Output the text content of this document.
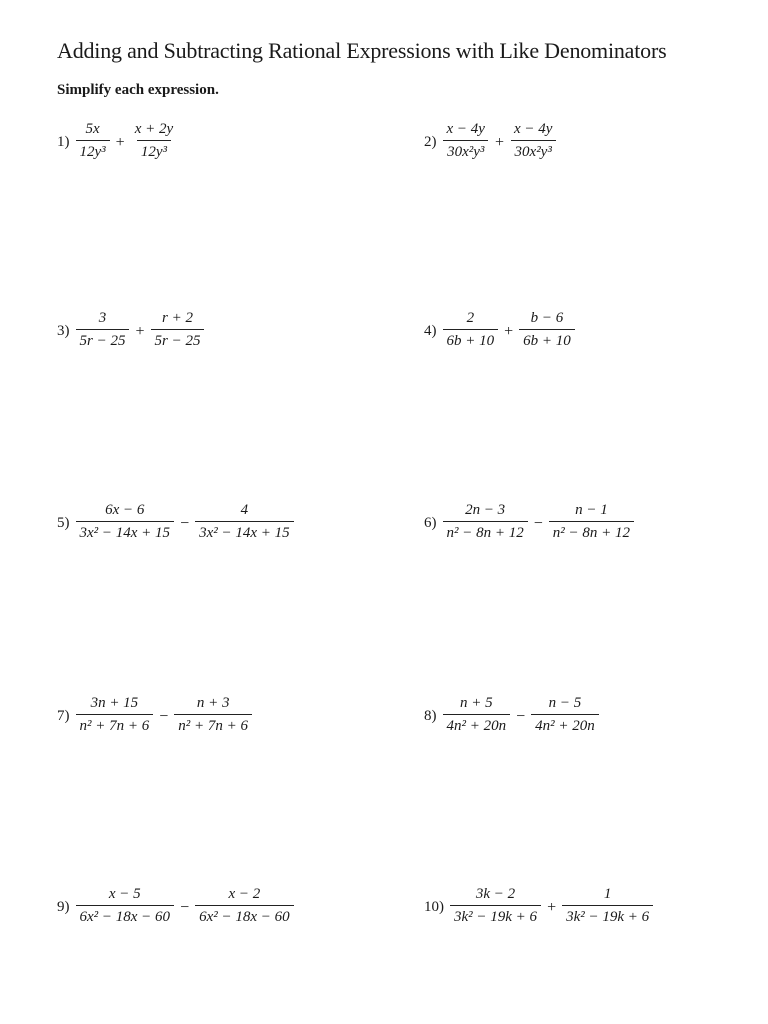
Adding and Subtracting Rational Expressions with Like Denominators
Simplify each expression.
$1) \frac{5x}{\text{12y³}} + \frac{x + 2y}{\text{12y³}}$	$2) \frac{x - 4y}{\text{30x²y³}} + \frac{x - 4y}{\text{30x²y³}}$
$3) \frac{3}{5r - 25} + \frac{r + 2}{5r - 25}$	$4) \frac{2}{6b + 10} + \frac{b - 6}{6b + 10}$
$5) \frac{6x - 6}{\text{3x² − 14x + 15}} - \frac{4}{\text{3x² − 14x + 15}}$	$6) \frac{2n - 3}{\text{n² − 8n + 12}} - \frac{n - 1}{\text{n² − 8n + 12}}$
$7) \frac{3n + 15}{\text{n² + 7n + 6}} - \frac{n + 3}{\text{n² + 7n + 6}}$	$8) \frac{n + 5}{\text{4n² + 20n}} - \frac{n - 5}{\text{4n² + 20n}}$
$9) \frac{x - 5}{\text{6x² − 18x − 60}} - \frac{x - 2}{\text{6x² − 18x − 60}}$	$10) \frac{3k - 2}{\text{3k² − 19k + 6}} + \frac{1}{\text{3k² − 19k + 6}}$
